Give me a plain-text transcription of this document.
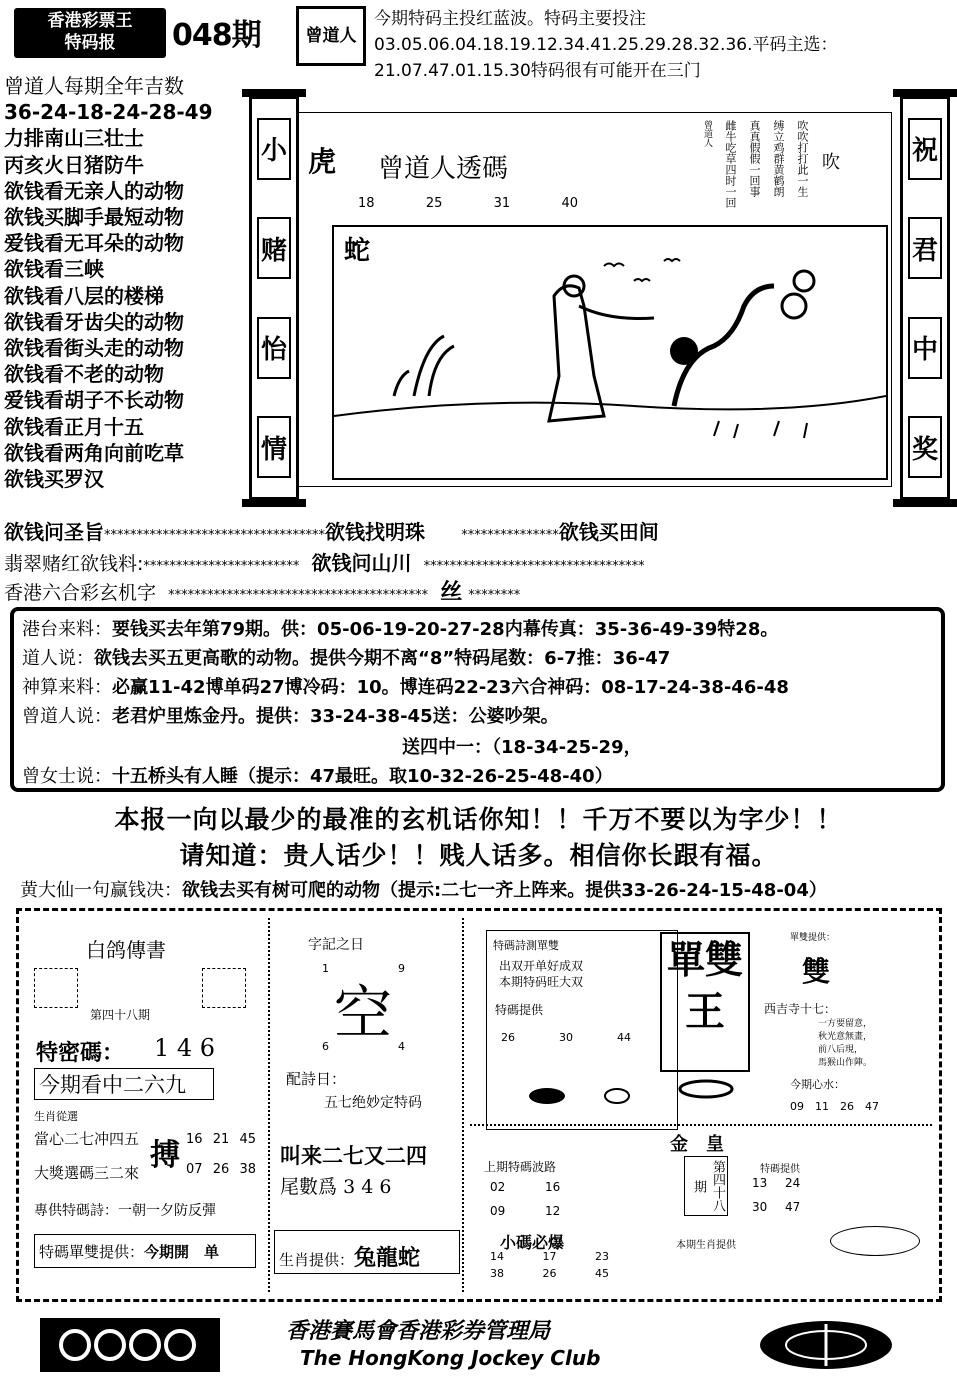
香港彩票王
特码报	048期	曾道人
今期特码主投红蓝波。特码主要投注03.05.06.04.18.19.12.34.41.25.29.28.32.36.平码主选：21.07.47.01.15.30特码很有可能开在三门
曾道人每期全年吉数
36-24-18-24-28-49
力排南山三壮士
丙亥火日猪防牛
欲钱看无亲人的动物
欲钱买脚手最短动物
爱钱看无耳朵的动物
欲钱看三峡
欲钱看八层的楼梯
欲钱看牙齿尖的动物
欲钱看街头走的动物
欲钱看不老的动物
爱钱看胡子不长动物
欲钱看正月十五
欲钱看两角向前吃草
欲钱买罗汉
小
赌
怡
情
祝
君
中
奖
虎 曾道人透碼	吹
吹吹打打此一生
缚立鸡群黄鹤朗
真真假假一回事
雌牛吃草四时一回
曾道人
18	25	31	40
蛇
欲钱问圣旨**********************************欲钱找明珠	***************欲钱买田间
翡翠赌红欲钱料:************************ 欲钱问山川 **********************************
香港六合彩玄机字 **************************************** 丝 ********
港台来料：要钱买去年第79期。供：05-06-19-20-27-28内幕传真：35-36-49-39特28。
道人说：欲钱去买五更高歌的动物。提供今期不离“8”特码尾数：6-7推：36-47
神算来料：必赢11-42博单码27博冷码：10。博连码22-23六合神码：08-17-24-38-46-48
曾道人说：老君炉里炼金丹。提供：33-24-38-45送：公婆吵架。
送四中一：（18-34-25-29，
曾女士说：十五桥头有人睡（提示：47最旺。取10-32-26-25-48-40）
本报一向以最少的最准的玄机话你知！！千万不要以为字少！！
请知道：贵人话少！！贱人话多。相信你长跟有福。
黄大仙一句赢钱决：欲钱去买有树可爬的动物（提示:二七一齐上阵来。提供33-26-24-15-48-04）
白鸽傳書
第四十八期
特密碼： 1 4 6
今期看中二六九
生肖從選
當心二七冲四五
大獎選碼三二來 搏 16 21 45
07 26 38
專供特碼詩：一朝一夕防反彈
特碼單雙提供：今期開　单
字記之日
1	9
空
6	4
配詩日：
五七绝妙定特码
叫来二七又二四
尾數爲 3 4 6
生肖提供：兔龍蛇
特碼詩測單雙
出双开单好成双
本期特码旺大双
特碼提供
26	30	44
單雙
王
單雙提供：
雙
西吉寺十七：
一方要留意，
秋光意無畫，
前八后現，
馬猴山作陣。
今期心水：
09　11　26　47
金　皇
上期特碼波路
02	16
09	12	第四十八期
特碼提供
13	24
30	47
小碼必爆
14	17	23
38	26	45
本期生肖提供
香港賽馬會香港彩券管理局
The HongKong Jockey Club
